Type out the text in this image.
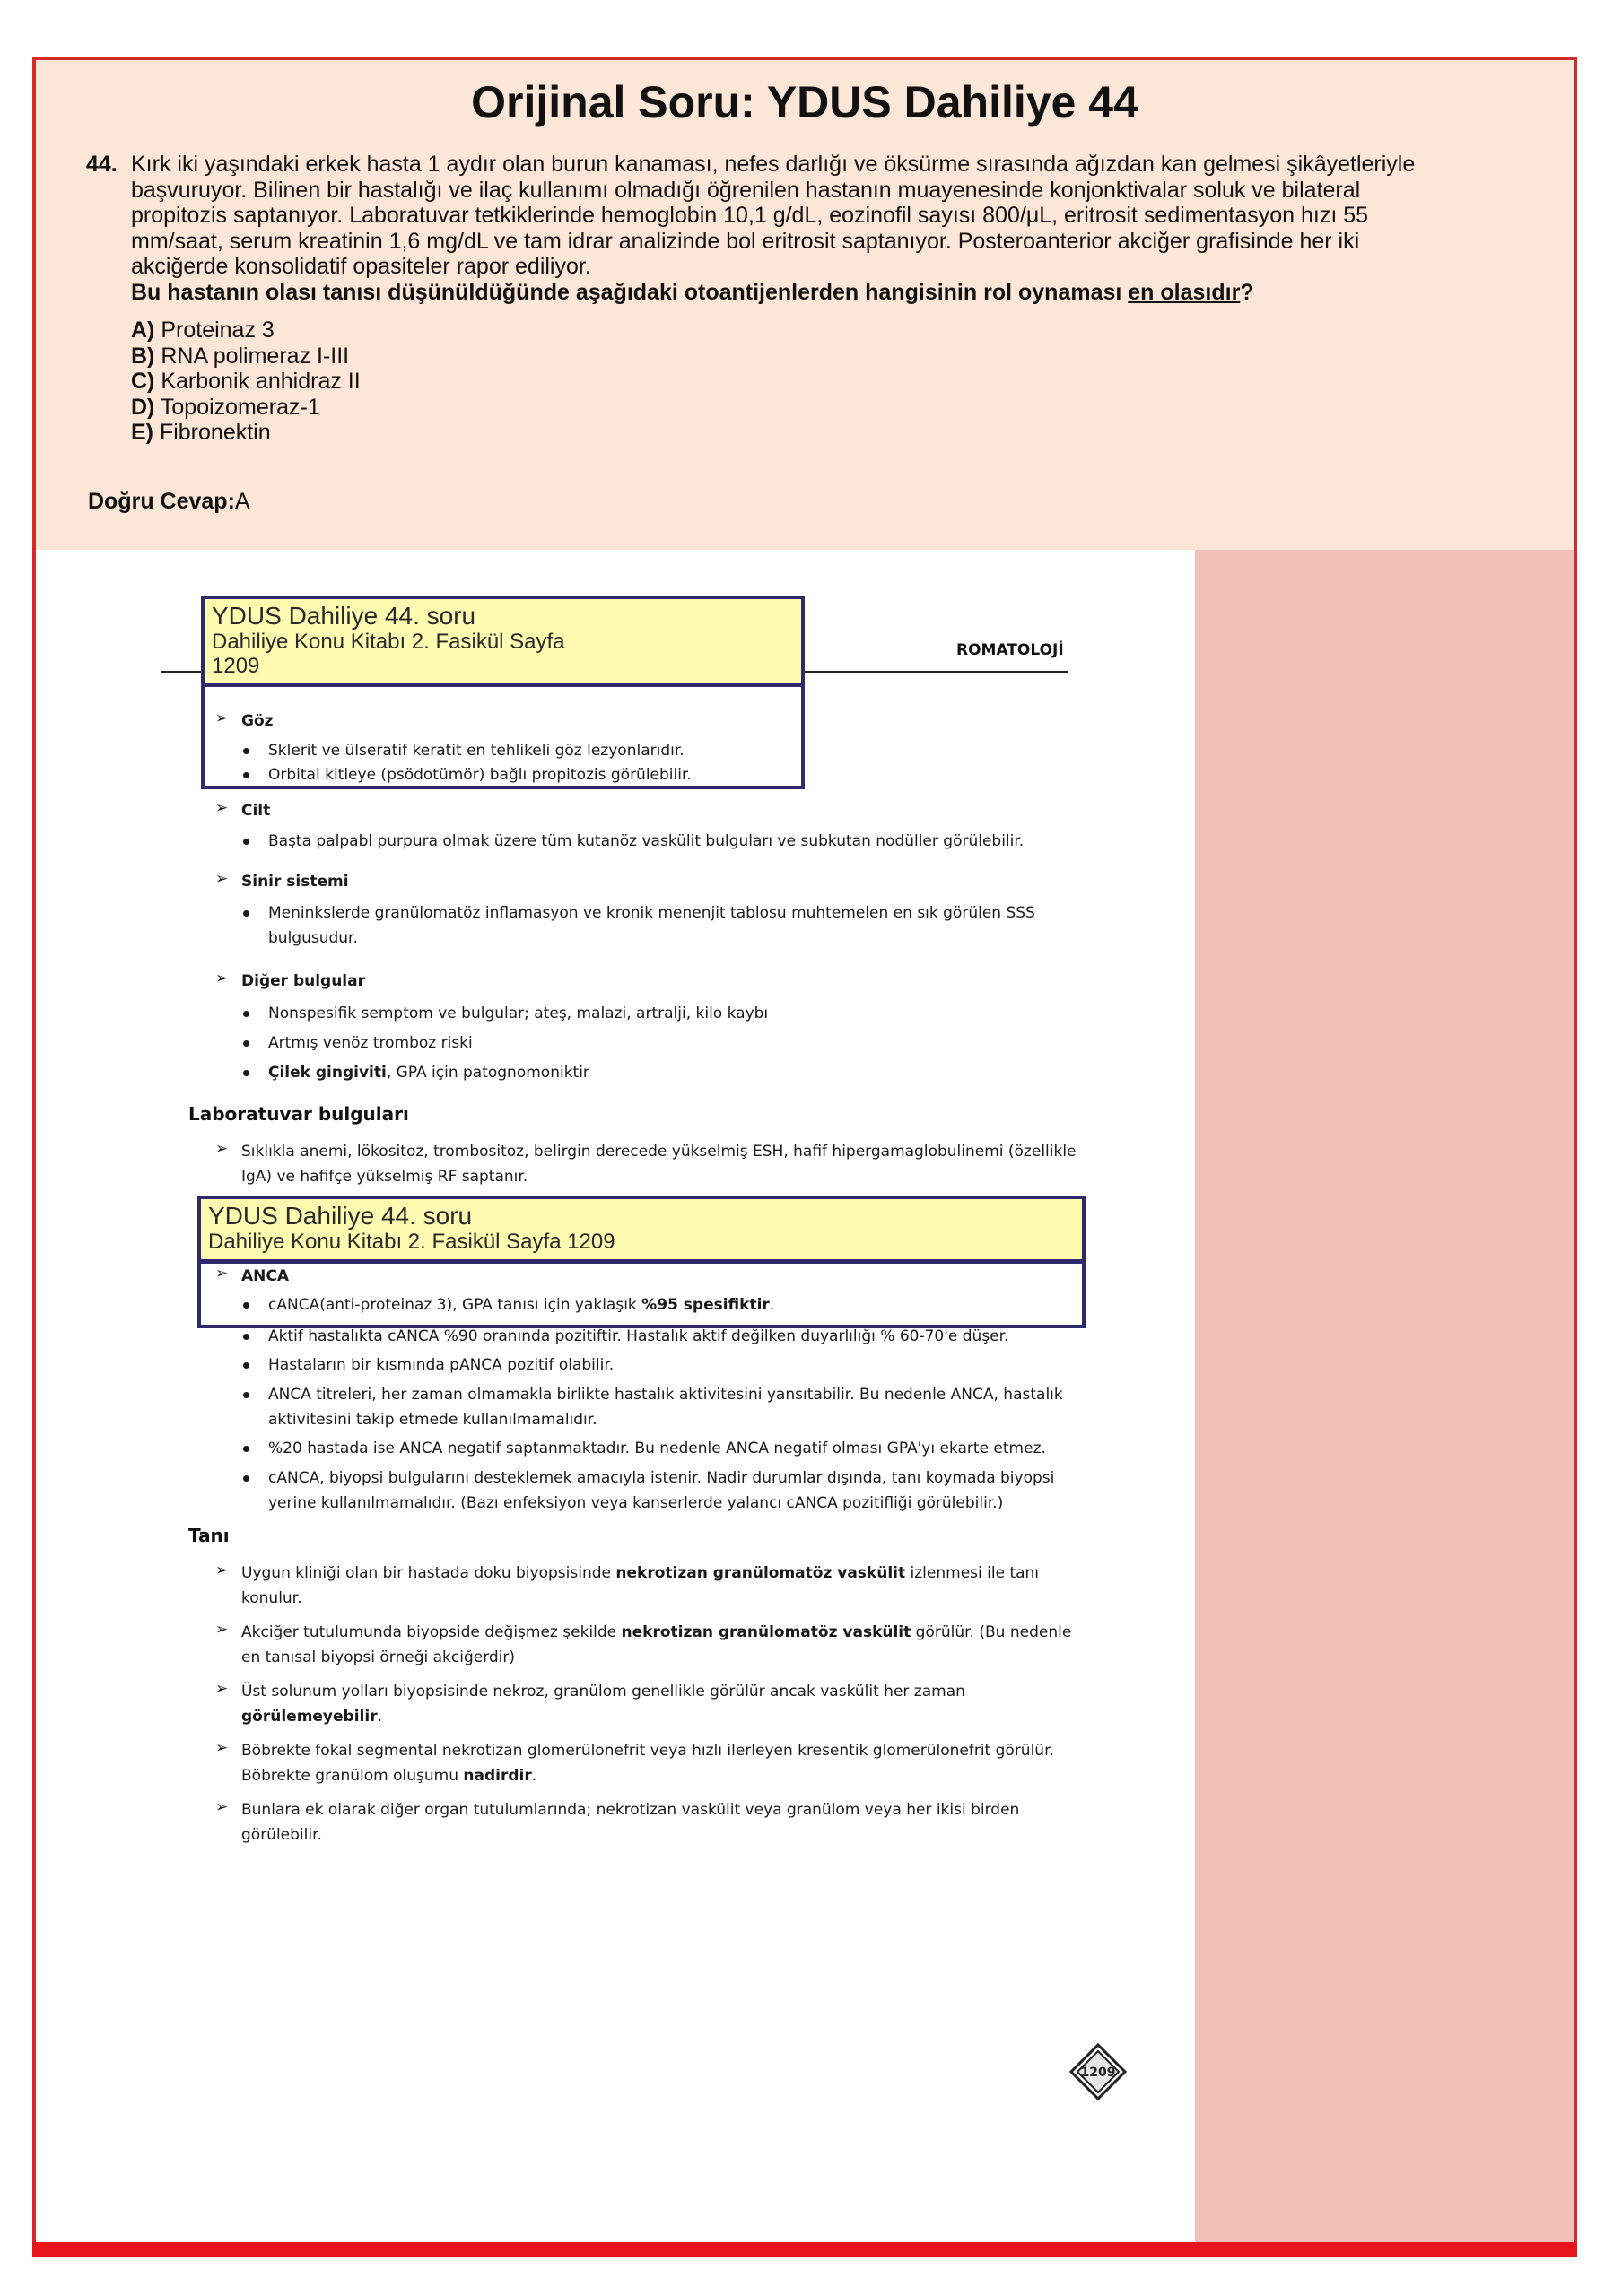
Orijinal Soru: YDUS Dahiliye 44
44. Kırk iki yaşındaki erkek hasta 1 aydır olan burun kanaması, nefes darlığı ve öksürme sırasında ağızdan kan gelmesi şikâyetleriyle
başvuruyor. Bilinen bir hastalığı ve ilaç kullanımı olmadığı öğrenilen hastanın muayenesinde konjonktivalar soluk ve bilateral
propitozis saptanıyor. Laboratuvar tetkiklerinde hemoglobin 10,1 g/dL, eozinofil sayısı 800/μL, eritrosit sedimentasyon hızı 55
mm/saat, serum kreatinin 1,6 mg/dL ve tam idrar analizinde bol eritrosit saptanıyor. Posteroanterior akciğer grafisinde her iki
akciğerde konsolidatif opasiteler rapor ediliyor.
Bu hastanın olası tanısı düşünüldüğünde aşağıdaki otoantijenlerden hangisinin rol oynaması en olasıdır?
A) Proteinaz 3
B) RNA polimeraz I-III
C) Karbonik anhidraz II
D) Topoizomeraz-1
E) Fibronektin
Doğru Cevap:A
ROMATOLOJİ
YDUS Dahiliye 44. soru
Dahiliye Konu Kitabı 2. Fasikül Sayfa
1209
➢ Göz
Sklerit ve ülseratif keratit en tehlikeli göz lezyonlarıdır.
Orbital kitleye (psödotümör) bağlı propitozis görülebilir.
➢ Cilt
Başta palpabl purpura olmak üzere tüm kutanöz vaskülit bulguları ve subkutan nodüller görülebilir.
➢ Sinir sistemi
Meninkslerde granülomatöz inflamasyon ve kronik menenjit tablosu muhtemelen en sık görülen SSS
bulgusudur.
➢ Diğer bulgular
Nonspesifik semptom ve bulgular; ateş, malazi, artralji, kilo kaybı
Artmış venöz tromboz riski
Çilek gingiviti, GPA için patognomoniktir
Laboratuvar bulguları
➢ Sıklıkla anemi, lökositoz, trombositoz, belirgin derecede yükselmiş ESH, hafif hipergamaglobulinemi (özellikle
IgA) ve hafifçe yükselmiş RF saptanır.
YDUS Dahiliye 44. soru
Dahiliye Konu Kitabı 2. Fasikül Sayfa 1209
➢ ANCA
cANCA(anti-proteinaz 3), GPA tanısı için yaklaşık %95 spesifiktir.
Aktif hastalıkta cANCA %90 oranında pozitiftir. Hastalık aktif değilken duyarlılığı % 60-70'e düşer.
Hastaların bir kısmında pANCA pozitif olabilir.
ANCA titreleri, her zaman olmamakla birlikte hastalık aktivitesini yansıtabilir. Bu nedenle ANCA, hastalık
aktivitesini takip etmede kullanılmamalıdır.
%20 hastada ise ANCA negatif saptanmaktadır. Bu nedenle ANCA negatif olması GPA'yı ekarte etmez.
cANCA, biyopsi bulgularını desteklemek amacıyla istenir. Nadir durumlar dışında, tanı koymada biyopsi
yerine kullanılmamalıdır. (Bazı enfeksiyon veya kanserlerde yalancı cANCA pozitifliği görülebilir.)
Tanı
➢ Uygun kliniği olan bir hastada doku biyopsisinde nekrotizan granülomatöz vaskülit izlenmesi ile tanı
konulur.
➢ Akciğer tutulumunda biyopside değişmez şekilde nekrotizan granülomatöz vaskülit görülür. (Bu nedenle
en tanısal biyopsi örneği akciğerdir)
➢ Üst solunum yolları biyopsisinde nekroz, granülom genellikle görülür ancak vaskülit her zaman
görülemeyebilir.
➢ Böbrekte fokal segmental nekrotizan glomerülonefrit veya hızlı ilerleyen kresentik glomerülonefrit görülür.
Böbrekte granülom oluşumu nadirdir.
➢ Bunlara ek olarak diğer organ tutulumlarında; nekrotizan vaskülit veya granülom veya her ikisi birden
görülebilir.
1209
